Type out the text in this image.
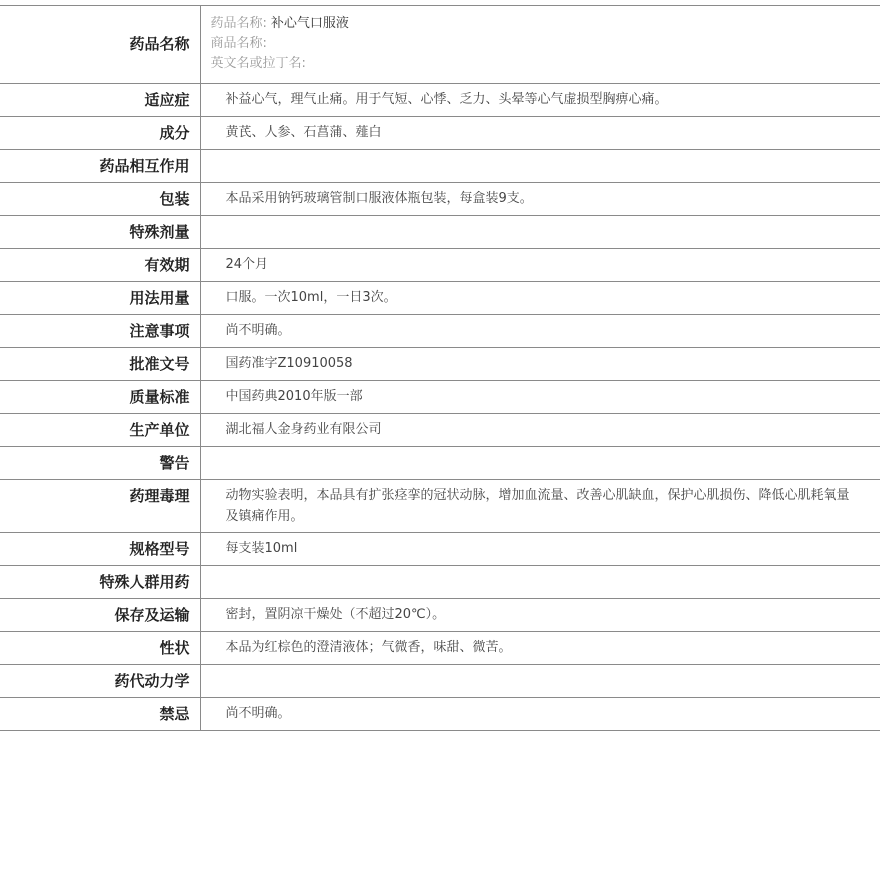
药品名称	药品名称: 补心气口服液
商品名称:
英文名或拉丁名:

适应症	补益心气，理气止痛。用于气短、心悸、乏力、头晕等心气虚损型胸痹心痛。
成分	黄芪、人参、石菖蒲、薤白
药品相互作用	
包装	本品采用钠钙玻璃管制口服液体瓶包装，每盒装9支。
特殊剂量	
有效期	24个月
用法用量	口服。一次10ml，一日3次。
注意事项	尚不明确。
批准文号	国药准字Z10910058
质量标准	中国药典2010年版一部
生产单位	湖北福人金身药业有限公司
警告	
药理毒理	动物实验表明，本品具有扩张痉挛的冠状动脉，增加血流量、改善心肌缺血，保护心肌损伤、降低心肌耗氧量及镇痛作用。
规格型号	每支装10ml
特殊人群用药	
保存及运输	密封，置阴凉干燥处（不超过20℃）。
性状	本品为红棕色的澄清液体；气微香，味甜、微苦。
药代动力学	
禁忌	尚不明确。
